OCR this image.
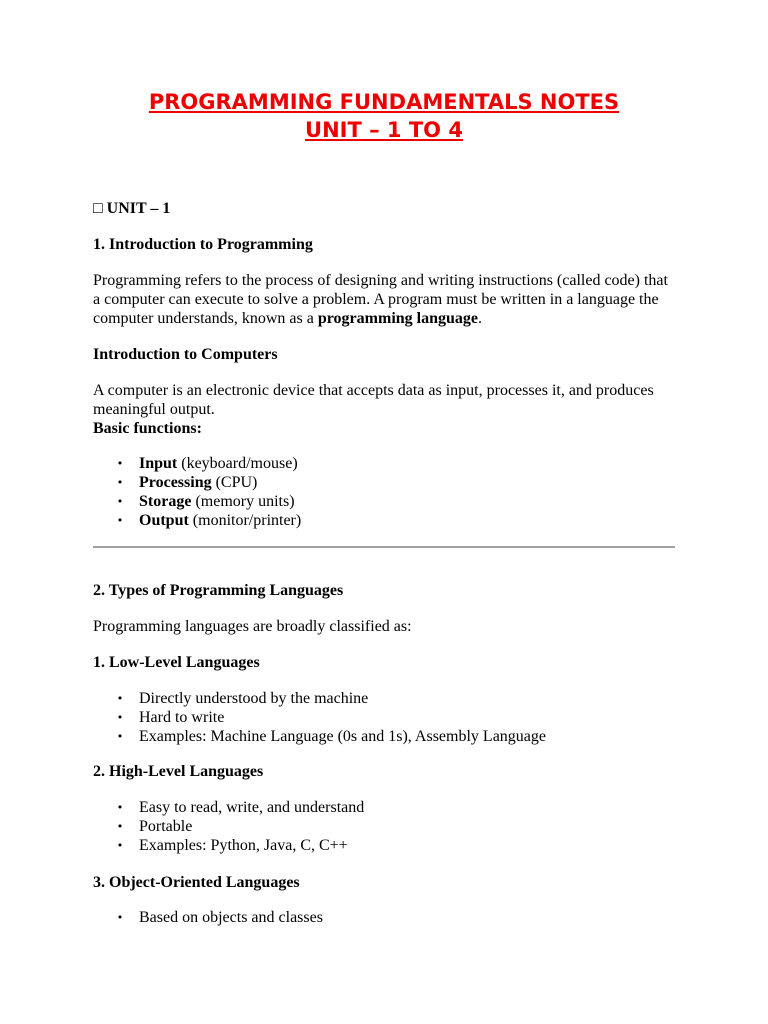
PROGRAMMING FUNDAMENTALS NOTES
UNIT – 1 TO 4
□ UNIT – 1
1. Introduction to Programming

Programming refers to the process of designing and writing instructions (called code) that a computer can execute to solve a problem. A program must be written in a language the computer understands, known as a programming language.

Introduction to Computers

A computer is an electronic device that accepts data as input, processes it, and produces meaningful output.

Basic functions:
• Input (keyboard/mouse)
• Processing (CPU)
• Storage (memory units)
• Output (monitor/printer)
2. Types of Programming Languages
Programming languages are broadly classified as:
1. Low-Level Languages
• Directly understood by the machine
• Hard to write
• Examples: Machine Language (0s and 1s), Assembly Language
2. High-Level Languages
• Easy to read, write, and understand
• Portable
• Examples: Python, Java, C, C++
3. Object-Oriented Languages
• Based on objects and classes
